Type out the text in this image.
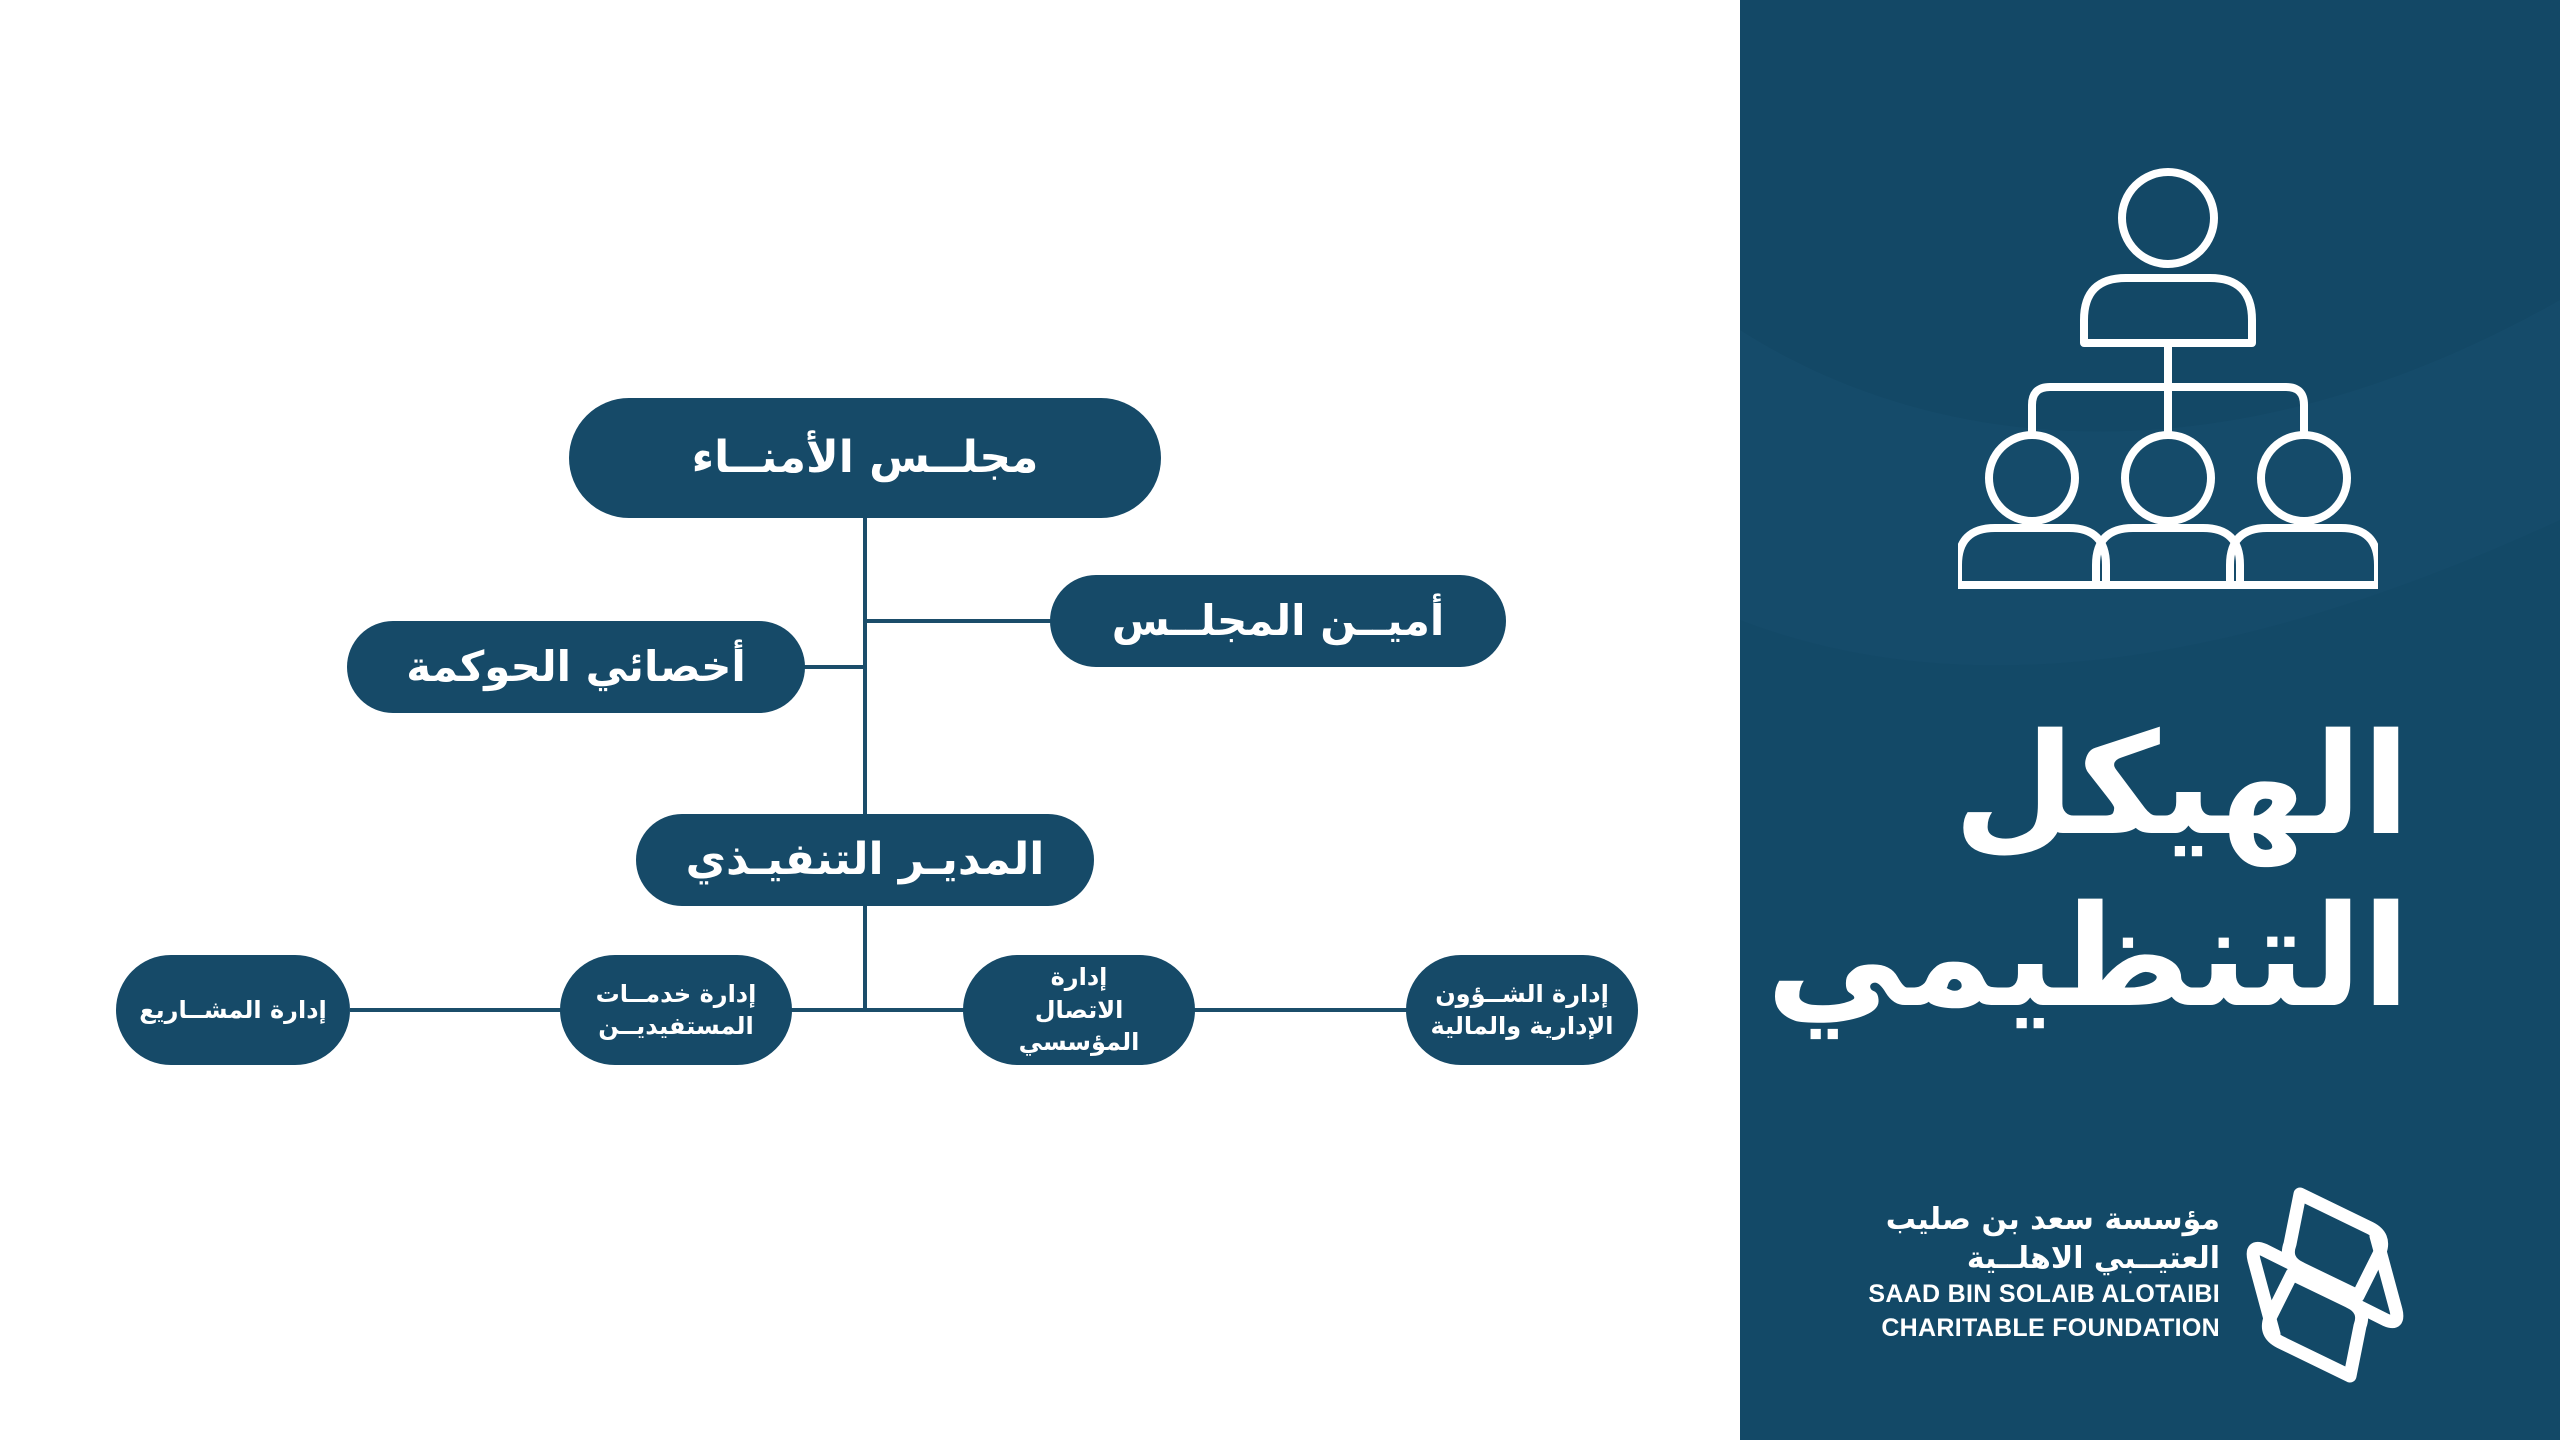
مجلــس الأمنــاء
أميــن المجلــس
أخصائي الحوكمة
المديـر التنفيـذي
إدارة الشــؤون
الإدارية والمالية
إدارة
الاتصال المؤسسي
إدارة خدمــات
المستفيديــن
إدارة المشــاريع
الهيكل
التنظيمي
مؤسسة سعد بن صليب
العتيــبي الاهلــية
SAAD BIN SOLAIB ALOTAIBI
CHARITABLE FOUNDATION
